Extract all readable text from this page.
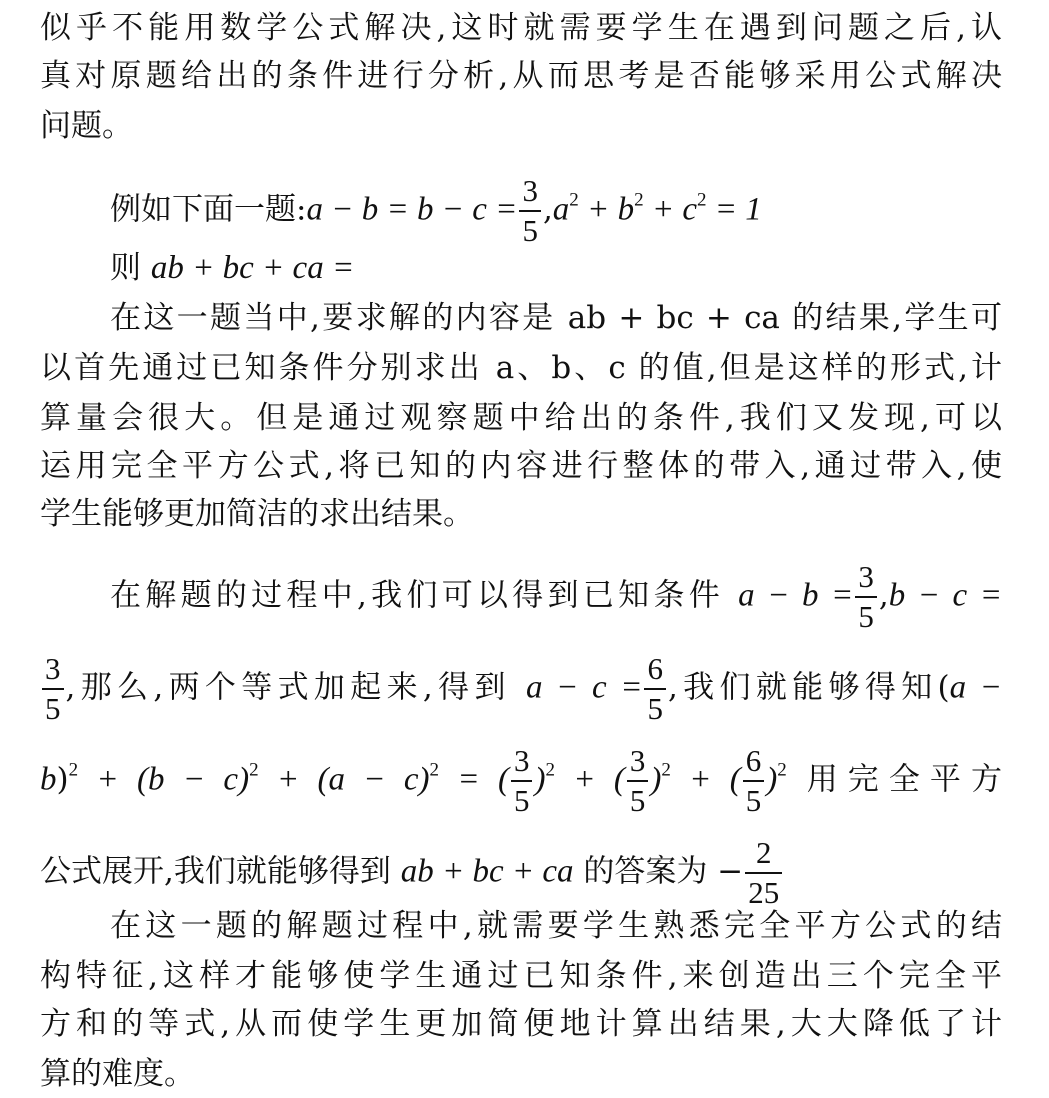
似乎不能用数学公式解决,这时就需要学生在遇到问题之后,认
真对原题给出的条件进行分析,从而思考是否能够采用公式解决
问题。
例如下面一题:a − $b = b - c = \frac{3}{5} ,a^2 + b^2 + c^2 = 1$
则 ab + bc + ca =
在这一题当中,要求解的内容是 ab + bc + ca 的结果,学生可
以首先通过已知条件分别求出 a、b、c 的值,但是这样的形式,计
算量会很大。但是通过观察题中给出的条件,我们又发现,可以
运用完全平方公式,将已知的内容进行整体的带入,通过带入,使
学生能够更加简洁的求出结果。
在解题的过程中,我们可以得到已知条件 $a - b = \frac{3}{5} ,b - c$ =
$\frac{3}{5}$ ,那么,两个等式加起来,得到 $a - c = \frac{6}{5}$ ,我们就能够得知(a −
$b)^2 + (b - c)^2 + (a - c)^2$ = ( $\frac{3}{5} )^2$ + ( $\frac{3}{5} )^2$ + ( $\frac{6}{5} )^2$ 用完全平方
公式展开,我们就能够得到 ab + bc + ca 的答案为 − $\frac{2}{25}$
在这一题的解题过程中,就需要学生熟悉完全平方公式的结
构特征,这样才能够使学生通过已知条件,来创造出三个完全平
方和的等式,从而使学生更加简便地计算出结果,大大降低了计
算的难度。
